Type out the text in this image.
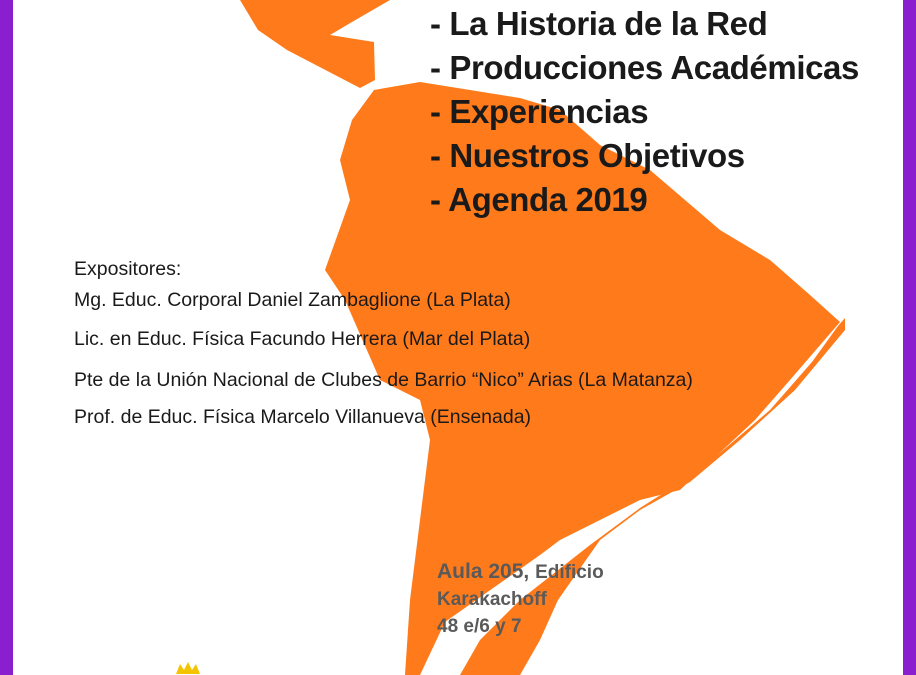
- La Historia de la Red
- Producciones Académicas
- Experiencias
- Nuestros Objetivos
- Agenda 2019
Expositores:
Mg. Educ. Corporal Daniel Zambaglione (La Plata)
Lic. en Educ. Física Facundo Herrera (Mar del Plata)
Pte de la Unión Nacional de Clubes de Barrio “Nico” Arias (La Matanza)
Prof. de Educ. Física Marcelo Villanueva (Ensenada)
Aula 205, Edificio
Karakachoff
48 e/6 y 7
